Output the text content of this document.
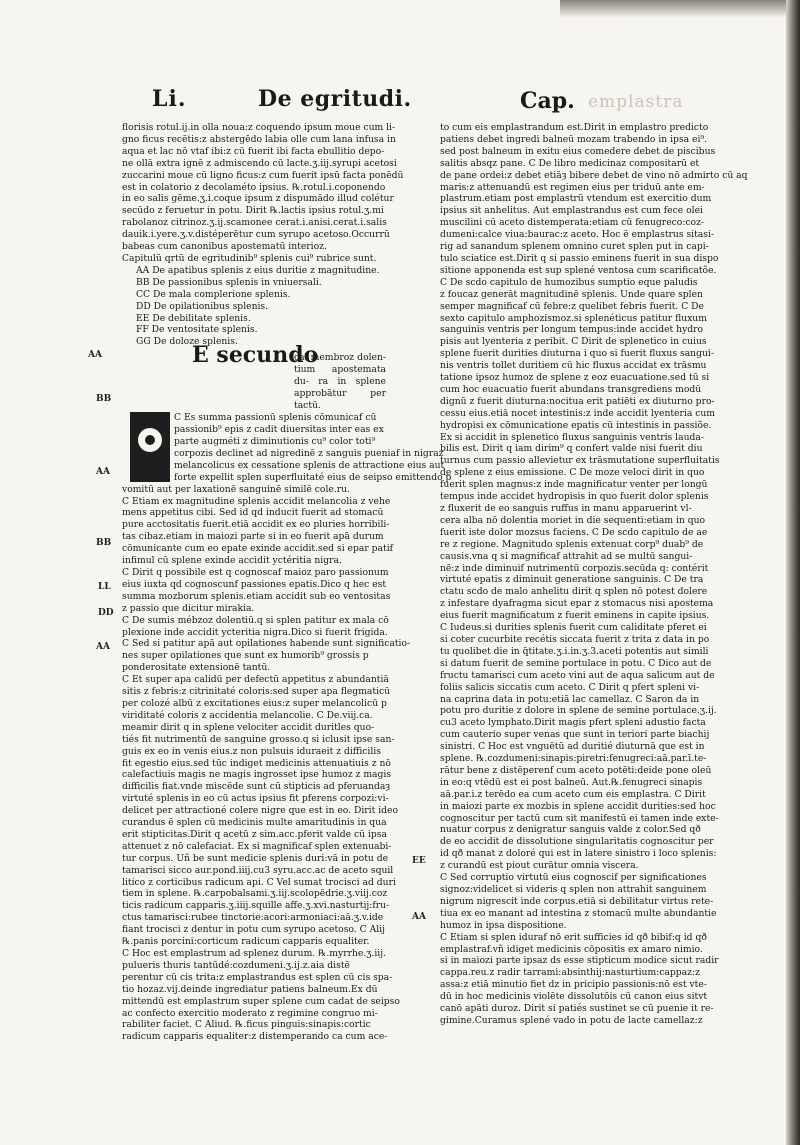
Li.	De egritudi.	Cap. emplastra
AA
BB
AA
BB
LL
DD
AA
EE
AA
florisis rotul.ij.in olla noua:z coquendo ipsum moue cum li-
gno ficus recētis:z abstergēdo labia olle cum lana infusa in
aqua et lac nō vtaf ibi:z cū fuerit ibi facta ebullitio depo-
ne ollā extra ignē z admiscendo cū lacte.ʒ.iij.syrupi acetosi
zuccarini moue cū ligno ficus:z cum fuerit ipsū facta ponēdū
est in colatorio z decolaméto ipsius. ℞.rotul.i.coponendo
in eo salis gēme.ʒ.i.coque ipsum z dispumādo illud colétur
secūdo z feruetur in potu. Dirit ℞.lactis ipsius rotul.ʒ.mi
rabolanoz citrinoz.ʒ.ij.scamonee cerat.i.anisi.cerat.i.salis
dauik.i.yere.ʒ.v.distéperētur cum syrupo acetoso.Occurrū
babeas cum canonibus apostematū interioz.
Capitulū qrtū de egritudinib⁹ splenis cui⁹ rubrice sunt.
AA De apatibus splenis z eius duritie z magnitudine.
BB De passionibus splenis in vniuersali.
CC De mala complerione splenis.
DD De opilationibus splenis.
EE De debilitate splenis.
FF De ventositate splenis.
GG De doloze splenis.
E secundo
ca. membroz dolen- tium apostemata du- ra in splene approbātur per tactū.
C Es summa passionū splenis cōmunicaf cū
passionib⁹ epis z cadit diuersitas inter eas ex
parte augméti z diminutionis cu⁹ color toti⁹
corpozis declinet ad nigredinē z sanguis pueniaf in nigraz
melancolicus ex cessatione splenis de attractione eius aut
forte expellit splen superfluitaté eius de seipso emittendo p
vomitū aut per laxationē sanguinē similē cole.ru.
C Etiam ex magnitudine splenis accidit melancolia z vehe
mens appetitus cibi. Sed id qd inducit fuerit ad stomacū
pure acctositatis fuerit.etiā accidit ex eo pluries horribili-
tas cibaz.etiam in maiozi parte si in eo fuerit apā durum
cōmunicante cum eo epate exinde accidit.sed si epar patif
infimul cū splene exinde accidit yctéritia nigra.
C Dirit q possibile est q cognoscaf maioz paro passionum
eius iuxta qd cognoscunf passiones epatis.Dico q hec est
summa mozborum splenis.etiam accidit sub eo ventositas
z passio que dicitur mirakia.
C De sumis mébzoz dolentiū.q si splen patitur ex mala cō
plexione inde accidit ycteritia nigra.Dico si fuerit frigida.
C Sed si patitur apā aut opilationes habende sunt significatio-
nes super opilationes que sunt ex humorib⁹ grossis p
ponderositate extensionē tantū.
C Et super apa calidū per defectū appetitus z abundantiā
sitis z febris:z citrinitaté coloris:sed super apa flegmaticū
per colozé albū z excitationes eius:z super melancolicū p
viriditaté coloris z accidentia melancolie. C De.viij.ca.
meamir dirit q in splene velociter accidit duritles quo-
tiés fit nutrimentū de sanguine grosso.q si iclusit ipse san-
guis ex eo in venis eius.z non pulsuis iduraeit z difficilis
fit egestio eius.sed tūc indiget medicinis attenuatiuis z nō
calefactiuis magis ne magis ingrosset ipse humoz z magis
difficilis fiat.vnde miscēde sunt cū stipticis ad pferuandaȝ
virtuté splenis in eo cū actus ipsius fit pferens corpozi:vi-
delicet per attractioné colere nigre que est in eo. Dirit ideo
curandus ē splen cū medicinis multe amaritudinis in qua
erit stipticitas.Dirit q acetū z sim.acc.pferit valde cū ipsa
attenuet z nō calefaciat. Ex si magnificaf splen extenuabi-
tur corpus. Uñ be sunt medicie splenis duri:vā in potu de
tamarisci sicco aur.pond.iiij.cu3 syru.acc.ac de aceto squil
litico z corticibus radicum api. C Vel sumat trocisci ad duri
tiem in splene. ℞.carpobalsami.ʒ.iij.scolopēdrie.ʒ.viij.coz
ticis radicum capparis.ʒ.iiij.squille affe.ʒ.xvi.nasturtij:fru-
ctus tamarisci:rubee tinctorie:acori:armoniaci:aā.ʒ.v.ide
fiant trocisci z dentur in potu cum syrupo acetoso. C Alij
℞.panis porcini:corticum radicum capparis equaliter.
C Hoc est emplastrum ad splenez durum. ℞.myrrhe.ʒ.iij.
pulueris thuris tantūdé:cozdumeni.ʒ.ij.z.aia distē
perentur cū cis trita:z emplastrandus est splen cū cis spa-
tio hozaz.vij.deinde ingrediatur patiens balneum.Ex dū
mittendū est emplastrum super splene cum cadat de seipso
ac confecto exercitio moderato z regimine congruo mi-
rabiliter faciet. C Aliud. ℞.ficus pinguis:sinapis:cortic
radicum capparis equaliter:z distemperando ca cum ace-
to cum eis emplastrandum est.Dirit in emplastro predicto
patiens debet ingredi balneū mozam trabendo in ipsa ei⁹.
sed post balneum in exitu eius comedere debet de piscibus
salitis absqz pane. C De libro medicinaz compositarū et
de pane ordei:z debet etiāȝ bibere debet de vino nō admirto cū aq
maris:z attenuandū est regimen eius per triduū ante em-
plastrum.etiam post emplastrū vtendum est exercitio dum
ipsius sit anhelitus. Aut emplastrandus est cum fece olei
muscilini cū aceto distemperata:etiam cū fenugreco:coz-
dumeni:calce viua:baurac:z aceto. Hoc ē emplastrus sitasi-
rig ad sanandum splenem omnino curet splen put in capi-
tulo sciatice est.Dirit q si passio eminens fuerit in sua dispo
sitione apponenda est sup splené ventosa cum scarificatõe.
C De scdo capitulo de humozibus sumptio eque paludis
z foucaz generāt magnitudinē splenis. Unde quare splen
semper magnificaf cū febre:z quelibet febris fuerit. C De
sexto capitulo amphozismoz.si splenéticus patitur fluxum
sanguinis ventris per longum tempus:inde accidet hydro
pisis aut lyenteria z peribit. C Dirit de splenetico in cuius
splene fuerit durities diuturna i quo si fuerit fluxus sangui-
nis ventris tollet duritiem cū hic fluxus accidat ex trāsmu
tatione ipsoz humoz de splene z eoz euacuatione.sed tū si
cum hoc euacuatio fuerit abundans transgrediens modū
dignū z fuerit diuturna:nocitua erit patiēti ex diuturno pro-
cessu eius.etiā nocet intestinis:z inde accidit lyenteria cum
hydropisi ex cōmunicatione epatis cū intestinis in passiõe.
Ex si accidit in splenetico fluxus sanguinis ventris lauda-
bilis est. Dirit q iam dirim⁹ q confert valde nisi fuerit diu
turnus cum passio allevietur ex trāsmutatione superfluitatis
de splene z eius emissione. C De moze veloci dirit in quo
fuerit splen magnus:z inde magnificatur venter per longū
tempus inde accidet hydropisis in quo fuerit dolor splenis
z fluxerit de eo sanguis ruffus in manu apparuerint vl-
cera alba nō dolentia moriet in die sequenti:etiam in quo
fuerit iste dolor mozsus faciens. C De scdo capitulo de ae
re z regione. Magnitudo splenis extenuat corp⁹ duab⁹ de
causis.vna q si magnificaf attrahit ad se multū sangui-
nē:z inde diminuif nutrimentū corpozis.secūda q: contérit
virtuté epatis z diminuit generatione sanguinis. C De tra
ctatu scdo de malo anhelitu dirit q splen nō potest dolere
z infestare dyafragma sicut epar z stomacus nisi apostema
eius fuerit magnificatum z fuerit eminens in capite ipsius.
C Iudeus.si durities splenis fuerit cum caliditate pferet ei
si coter cucurbite recétis siccata fuerit z trita z data in po
tu quolibet die in q̄titate.ʒ.i.in.ʒ.3.aceti potentis aut simili
si datum fuerit de semine portulace in potu. C Dico aut de
fructu tamarisci cum aceto vini aut de aqua salicum aut de
foliis salicis siccatis cum aceto. C Dirit q pfert spleni vi-
na caprina data in potu:etiā lac camellaz. C Saron da in
potu pro duritie z dolore in splene de semine portulace.ʒ.ij.
cu3 aceto lymphato.Dirit magis pfert spleni adustio facta
cum cauterio super venas que sunt in teriori parte biachij
sinistri. C Hoc est vnguētū ad duritié diuturnā que est in
splene. ℞.cozdumeni:sinapis:piretri:fenugreci:aā.par.ī.te-
rātur bene z distēperenf cum aceto potēti:deide pone oleū
in eo:q vtēdū est ei post balneū. Aut.℞.fenugreci sinapis
aā.par.i.z terēdo ea cum aceto cum eis emplastra. C Dirit
in maiozi parte ex mozbis in splene accidit durities:sed hoc
cognoscitur per tactū cum sit manifestū ei tamen inde exte-
nuatur corpus z denigratur sanguis valde z color.Sed qð
de eo accidit de dissolutione singularitatis cognoscitur per
id qð manat z doloré qui est in latere sinistro i loco splenis:
z curandū est piout curātur omnia viscera.
C Sed corruptio virtutū eius cognoscif per significationes
signoz:videlicet si videris q splen non attrahit sanguinem
nigrum nigrescit inde corpus.etiā si debilitatur virtus rete-
tiua ex eo manant ad intestina z stomacū multe abundantie
humoz in ipsa dispositione.
C Etiam si splen iduraf nō erit sufficies id qð bibif:q id qð
emplastraf.vñ idiget medicinis cōpositis ex amaro nimio.
si in maiozi parte ipsaz ds esse stipticum modice sicut radir
cappa.reu.z radir tarrami:absinthij:nasturtium:cappaz:z
assa:z etiā minutio fiet dz in pricipio passionis:nō est vte-
dū in hoc medicinis violēte dissolutōis cū canon eius sitvt
canō apāti duroz. Dirit si patiés sustinet se cū puenie it re-
gimine.Curamus splené vado in potu de lacte camellaz:z
